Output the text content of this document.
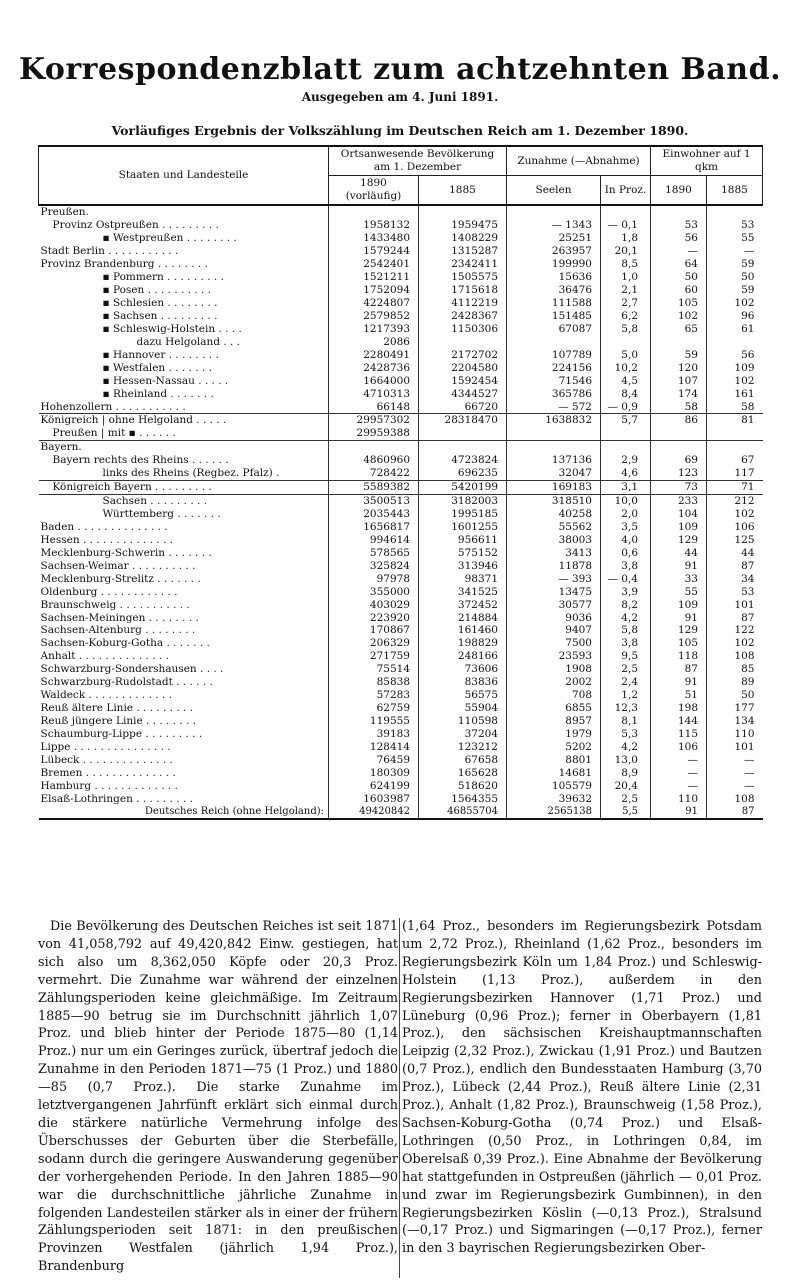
Korrespondenzblatt zum achtzehnten Band.
Ausgegeben am 4. Juni 1891.
Vorläufiges Ergebnis der Volkszählung im Deutschen Reich am 1. Dezember 1890.
Staaten und Landesteile	Ortsanwesende Bevölkerung am 1. Dezember		Zunahme (—Abnahme)		Einwohner auf 1 qkm	
	1890 (vorläufig)	1885	Seelen	In Proz.	1890	1885
Preußen.						
Provinz Ostpreußen . . . . . . . . .	1958132	1959475	— 1343	— 0,1	53	53
▪ Westpreußen . . . . . . . .	1433480	1408229	25251	1,8	56	55
Stadt Berlin . . . . . . . . . . .	1579244	1315287	263957	20,1	—	—
Provinz Brandenburg . . . . . . . .	2542401	2342411	199990	8,5	64	59
▪ Pommern . . . . . . . . .	1521211	1505575	15636	1,0	50	50
▪ Posen . . . . . . . . . .	1752094	1715618	36476	2,1	60	59
▪ Schlesien . . . . . . . .	4224807	4112219	111588	2,7	105	102
▪ Sachsen . . . . . . . . .	2579852	2428367	151485	6,2	102	96
▪ Schleswig-Holstein . . . .	1217393	1150306	67087	5,8	65	61
dazu Helgoland . . .	2086					
▪ Hannover . . . . . . . .	2280491	2172702	107789	5,0	59	56
▪ Westfalen . . . . . . .	2428736	2204580	224156	10,2	120	109
▪ Hessen-Nassau . . . . .	1664000	1592454	71546	4,5	107	102
▪ Rheinland . . . . . . .	4710313	4344527	365786	8,4	174	161
Hohenzollern . . . . . . . . . . .	66148	66720	— 572	— 0,9	58	58
Königreich | ohne Helgoland . . . . .	29957302	28318470	1638832	5,7	86	81
Preußen | mit ▪ . . . . . .	29959388					
Bayern.						
Bayern rechts des Rheins . . . . . .	4860960	4723824	137136	2,9	69	67
links des Rheins (Regbez. Pfalz) .	728422	696235	32047	4,6	123	117
Königreich Bayern . . . . . . . . .	5589382	5420199	169183	3,1	73	71
Sachsen . . . . . . . . .	3500513	3182003	318510	10,0	233	212
Württemberg . . . . . . .	2035443	1995185	40258	2,0	104	102
Baden . . . . . . . . . . . . . .	1656817	1601255	55562	3,5	109	106
Hessen . . . . . . . . . . . . . .	994614	956611	38003	4,0	129	125
Mecklenburg-Schwerin . . . . . . .	578565	575152	3413	0,6	44	44
Sachsen-Weimar . . . . . . . . . .	325824	313946	11878	3,8	91	87
Mecklenburg-Strelitz . . . . . . .	97978	98371	— 393	— 0,4	33	34
Oldenburg . . . . . . . . . . . .	355000	341525	13475	3,9	55	53
Braunschweig . . . . . . . . . . .	403029	372452	30577	8,2	109	101
Sachsen-Meiningen . . . . . . . .	223920	214884	9036	4,2	91	87
Sachsen-Altenburg . . . . . . . .	170867	161460	9407	5,8	129	122
Sachsen-Koburg-Gotha . . . . . . .	206329	198829	7500	3,8	105	102
Anhalt . . . . . . . . . . . . . .	271759	248166	23593	9,5	118	108
Schwarzburg-Sondershausen . . . .	75514	73606	1908	2,5	87	85
Schwarzburg-Rudolstadt . . . . . .	85838	83836	2002	2,4	91	89
Waldeck . . . . . . . . . . . . .	57283	56575	708	1,2	51	50
Reuß ältere Linie . . . . . . . . .	62759	55904	6855	12,3	198	177
Reuß jüngere Linie . . . . . . . .	119555	110598	8957	8,1	144	134
Schaumburg-Lippe . . . . . . . . .	39183	37204	1979	5,3	115	110
Lippe . . . . . . . . . . . . . . .	128414	123212	5202	4,2	106	101
Lübeck . . . . . . . . . . . . . .	76459	67658	8801	13,0	—	—
Bremen . . . . . . . . . . . . . .	180309	165628	14681	8,9	—	—
Hamburg . . . . . . . . . . . . .	624199	518620	105579	20,4	—	—
Elsaß-Lothringen . . . . . . . . .	1603987	1564355	39632	2,5	110	108
Deutsches Reich (ohne Helgoland):	49420842	46855704	2565138	5,5	91	87

Die Bevölkerung des Deutschen Reiches ist seit 1871 von 41,058,792 auf 49,420,842 Einw. gestiegen, hat sich also um 8,362,050 Köpfe oder 20,3 Proz. vermehrt. Die Zunahme war während der einzelnen Zählungsperioden keine gleichmäßige. Im Zeitraum 1885—90 betrug sie im Durchschnitt jährlich 1,07 Proz. und blieb hinter der Periode 1875—80 (1,14 Proz.) nur um ein Geringes zurück, übertraf jedoch die Zunahme in den Perioden 1871—75 (1 Proz.) und 1880—85 (0,7 Proz.). Die starke Zunahme im letztvergangenen Jahrfünft erklärt sich einmal durch die stärkere natürliche Vermehrung infolge des Überschusses der Geburten über die Sterbefälle, sodann durch die geringere Auswanderung gegenüber der vorhergehenden Periode. In den Jahren 1885—90 war die durchschnittliche jährliche Zunahme in folgenden Landesteilen stärker als in einer der frühern Zählungsperioden seit 1871: in den preußischen Provinzen Westfalen (jährlich 1,94 Proz.), Brandenburg

(1,64 Proz., besonders im Regierungsbezirk Potsdam um 2,72 Proz.), Rheinland (1,62 Proz., besonders im Regierungsbezirk Köln um 1,84 Proz.) und Schleswig-Holstein (1,13 Proz.), außerdem in den Regierungsbezirken Hannover (1,71 Proz.) und Lüneburg (0,96 Proz.); ferner in Oberbayern (1,81 Proz.), den sächsischen Kreishauptmannschaften Leipzig (2,32 Proz.), Zwickau (1,91 Proz.) und Bautzen (0,7 Proz.), endlich den Bundesstaaten Hamburg (3,70 Proz.), Lübeck (2,44 Proz.), Reuß ältere Linie (2,31 Proz.), Anhalt (1,82 Proz.), Braunschweig (1,58 Proz.), Sachsen-Koburg-Gotha (0,74 Proz.) und Elsaß-Lothringen (0,50 Proz., in Lothringen 0,84, im Oberelsaß 0,39 Proz.). Eine Abnahme der Bevölkerung hat stattgefunden in Ostpreußen (jährlich — 0,01 Proz. und zwar im Regierungsbezirk Gumbinnen), in den Regierungsbezirken Köslin (—0,13 Proz.), Stralsund (—0,17 Proz.) und Sigmaringen (—0,17 Proz.), ferner in den 3 bayrischen Regierungsbezirken Ober-
